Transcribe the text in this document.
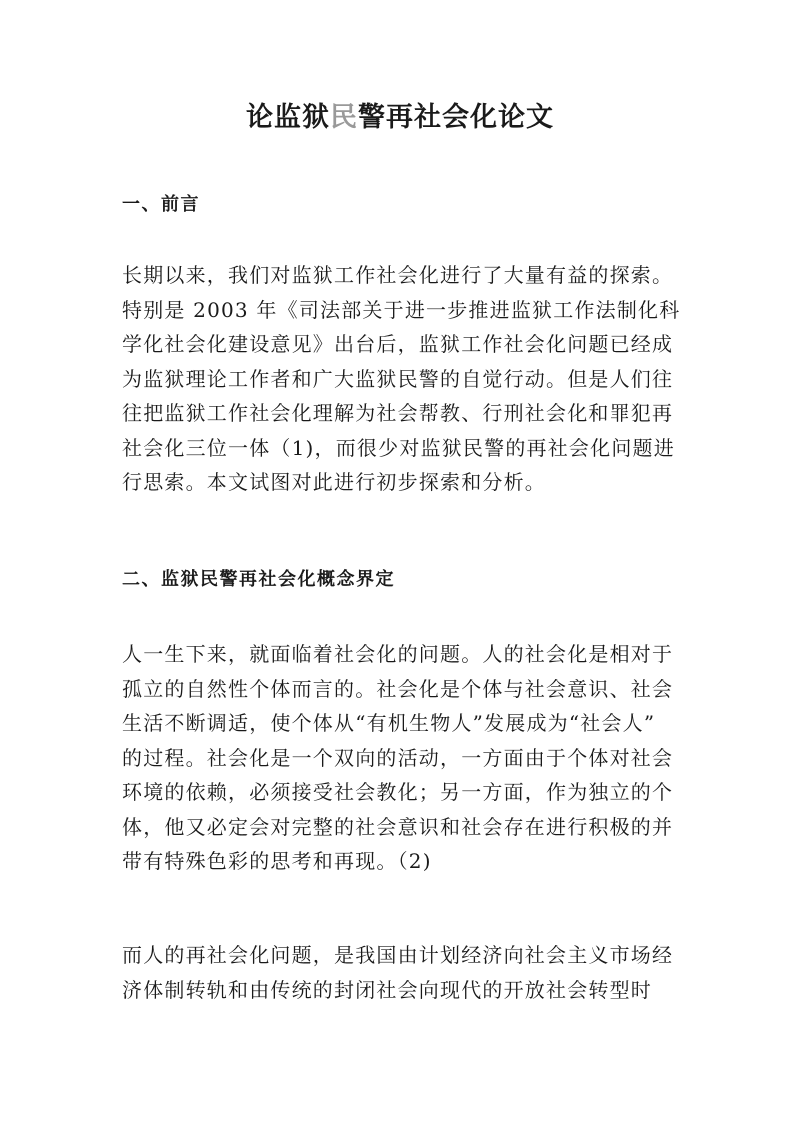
论监狱民警再社会化论文
一、前言

长期以来，我们对监狱工作社会化进行了大量有益的探索。
特别是 2003 年《司法部关于进一步推进监狱工作法制化科
学化社会化建设意见》出台后，监狱工作社会化问题已经成
为监狱理论工作者和广大监狱民警的自觉行动。但是人们往
往把监狱工作社会化理解为社会帮教、行刑社会化和罪犯再
社会化三位一体（1)，而很少对监狱民警的再社会化问题进
行思索。本文试图对此进行初步探索和分析。

二、监狱民警再社会化概念界定

人一生下来，就面临着社会化的问题。人的社会化是相对于
孤立的自然性个体而言的。社会化是个体与社会意识、社会
生活不断调适，使个体从“有机生物人”发展成为“社会人”
的过程。社会化是一个双向的活动，一方面由于个体对社会
环境的依赖，必须接受社会教化；另一方面，作为独立的个
体，他又必定会对完整的社会意识和社会存在进行积极的并
带有特殊色彩的思考和再现。（2)

而人的再社会化问题，是我国由计划经济向社会主义市场经
济体制转轨和由传统的封闭社会向现代的开放社会转型时
